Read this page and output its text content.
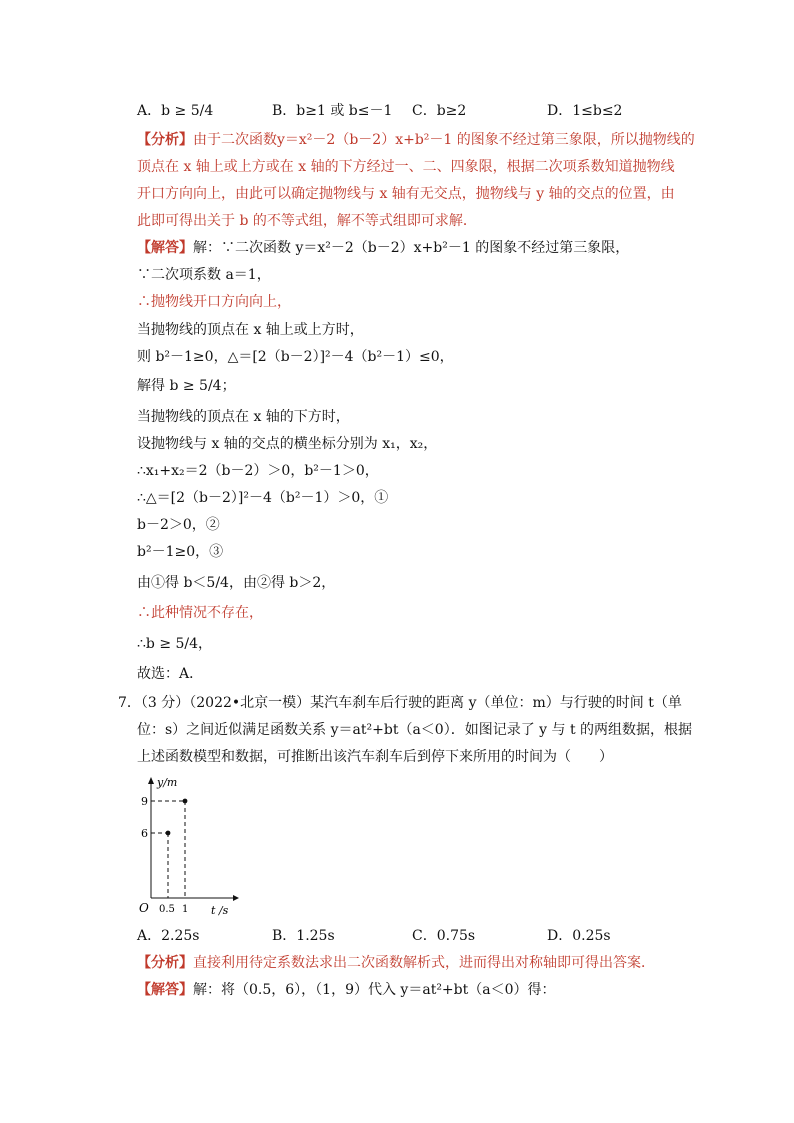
A．b ≥ 5/4	B．b≥1 或 b≤－1 C．b≥2	D．1≤b≤2
【分析】由于二次函数y＝x²－2（b－2）x+b²－1 的图象不经过第三象限，所以抛物线的
顶点在 x 轴上或上方或在 x 轴的下方经过一、二、四象限，根据二次项系数知道抛物线
开口方向向上，由此可以确定抛物线与 x 轴有无交点，抛物线与 y 轴的交点的位置，由
此即可得出关于 b 的不等式组，解不等式组即可求解．
【解答】解：∵二次函数 y＝x²－2（b－2）x+b²－1 的图象不经过第三象限，
∵二次项系数 a＝1，
∴抛物线开口方向向上，
当抛物线的顶点在 x 轴上或上方时，
则 b²－1≥0，△＝[2（b－2）]²－4（b²－1）≤0，
解得 b ≥ 5/4；
当抛物线的顶点在 x 轴的下方时，
设抛物线与 x 轴的交点的横坐标分别为 x₁，x₂，
∴x₁+x₂＝2（b－2）＞0，b²－1＞0，
∴△＝[2（b－2）]²－4（b²－1）＞0，①
b－2＞0，②
b²－1≥0，③
由①得 b＜5/4，由②得 b＞2，
∴此种情况不存在，
∴b ≥ 5/4，
故选：A．
7．（3 分）（2022•北京一模）某汽车刹车后行驶的距离 y（单位：m）与行驶的时间 t（单
位：s）之间近似满足函数关系 y＝at²+bt（a＜0）．如图记录了 y 与 t 的两组数据，根据
上述函数模型和数据，可推断出该汽车刹车后到停下来所用的时间为（　　）
y/m
9
6
O 0.5 1 t /s
A．2.25s	B．1.25s	C．0.75s	D．0.25s
【分析】直接利用待定系数法求出二次函数解析式，进而得出对称轴即可得出答案．
【解答】解：将（0.5，6），（1，9）代入 y＝at²+bt（a＜0）得：
